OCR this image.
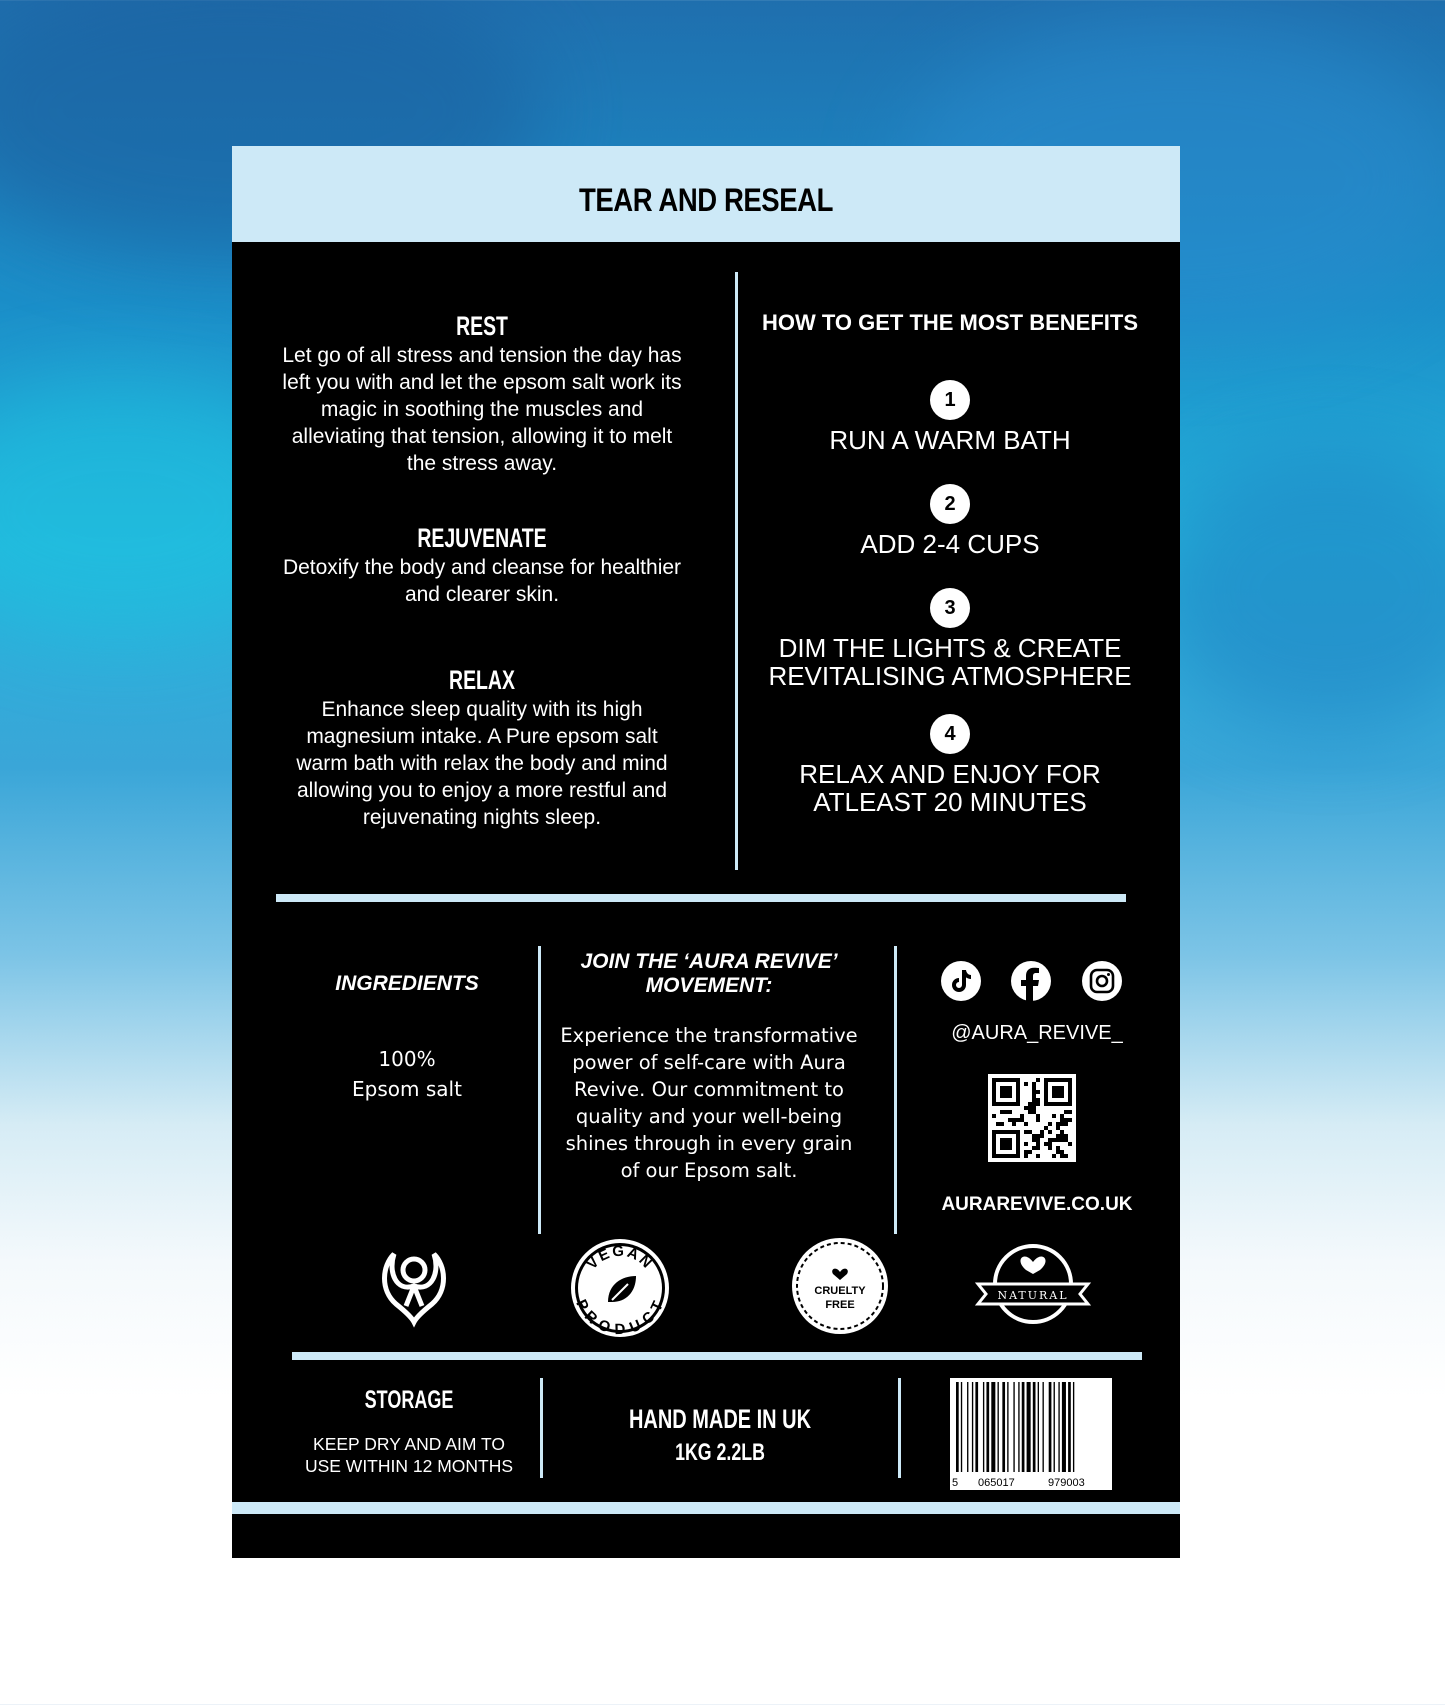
TEAR AND RESEAL
REST

Let go of all stress and tension the day has left you with and let the epsom salt work its magic in soothing the muscles and alleviating that tension, allowing it to melt the stress away.

REJUVENATE

Detoxify the body and cleanse for healthier and clearer skin.

RELAX

Enhance sleep quality with its high magnesium intake. A Pure epsom salt warm bath with relax the body and mind allowing you to enjoy a more restful and rejuvenating nights sleep.

HOW TO GET THE MOST BENEFITS
1
RUN A WARM BATH
2
ADD 2-4 CUPS
3
DIM THE LIGHTS & CREATE
REVITALISING ATMOSPHERE
4
RELAX AND ENJOY FOR
ATLEAST 20 MINUTES
INGREDIENTS
100%
Epsom salt
JOIN THE ‘AURA REVIVE’
MOVEMENT:
Experience the transformative power of self-care with Aura Revive. Our commitment to quality and your well-being shines through in every grain of our Epsom salt.
@AURA_REVIVE_
AURAREVIVE.CO.UK
VEGAN
PRODUCT
CRUELTY
FREE
NATURAL
STORAGE
KEEP DRY AND AIM TO
USE WITHIN 12 MONTHS
HAND MADE IN UK
1KG 2.2LB
5 065017	979003
